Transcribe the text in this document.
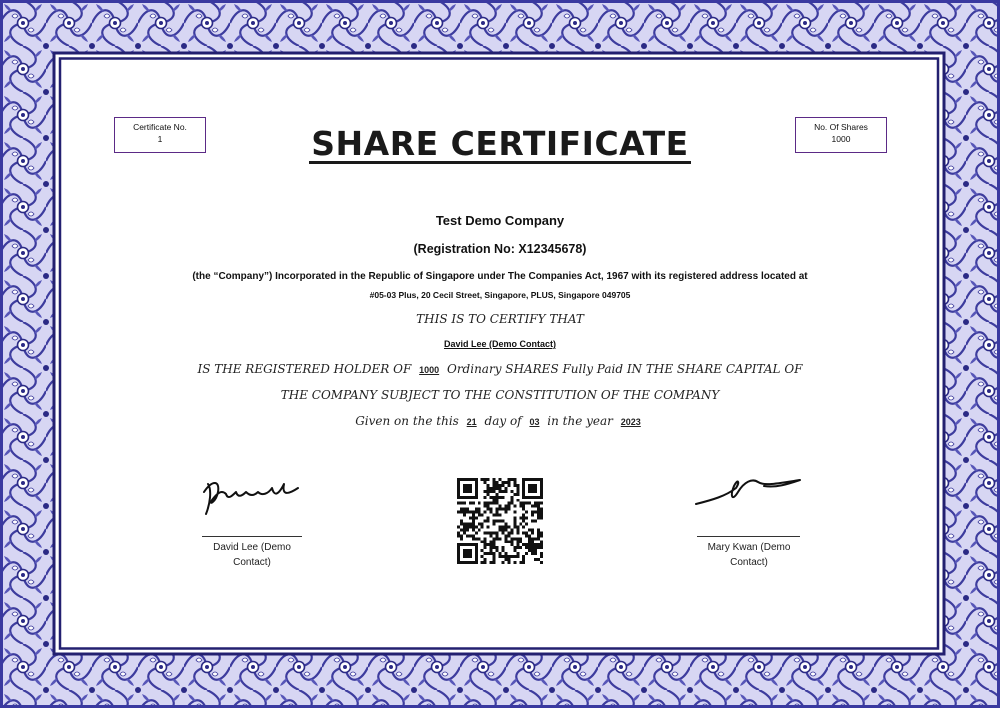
Certificate No.
1
No. Of Shares
1000
SHARE CERTIFICATE
Test Demo Company
(Registration No: X12345678)
(the “Company”) Incorporated in the Republic of Singapore under The Companies Act, 1967 with its registered address located at
#05-03 Plus, 20 Cecil Street, Singapore, PLUS, Singapore 049705
THIS IS TO CERTIFY THAT
David Lee (Demo Contact)
IS THE REGISTERED HOLDER OF 1000 Ordinary SHARES Fully Paid IN THE SHARE CAPITAL OF
THE COMPANY SUBJECT TO THE CONSTITUTION OF THE COMPANY
Given on the this 21 day of 03 in the year 2023
David Lee (Demo
Contact)
Mary Kwan (Demo
Contact)
